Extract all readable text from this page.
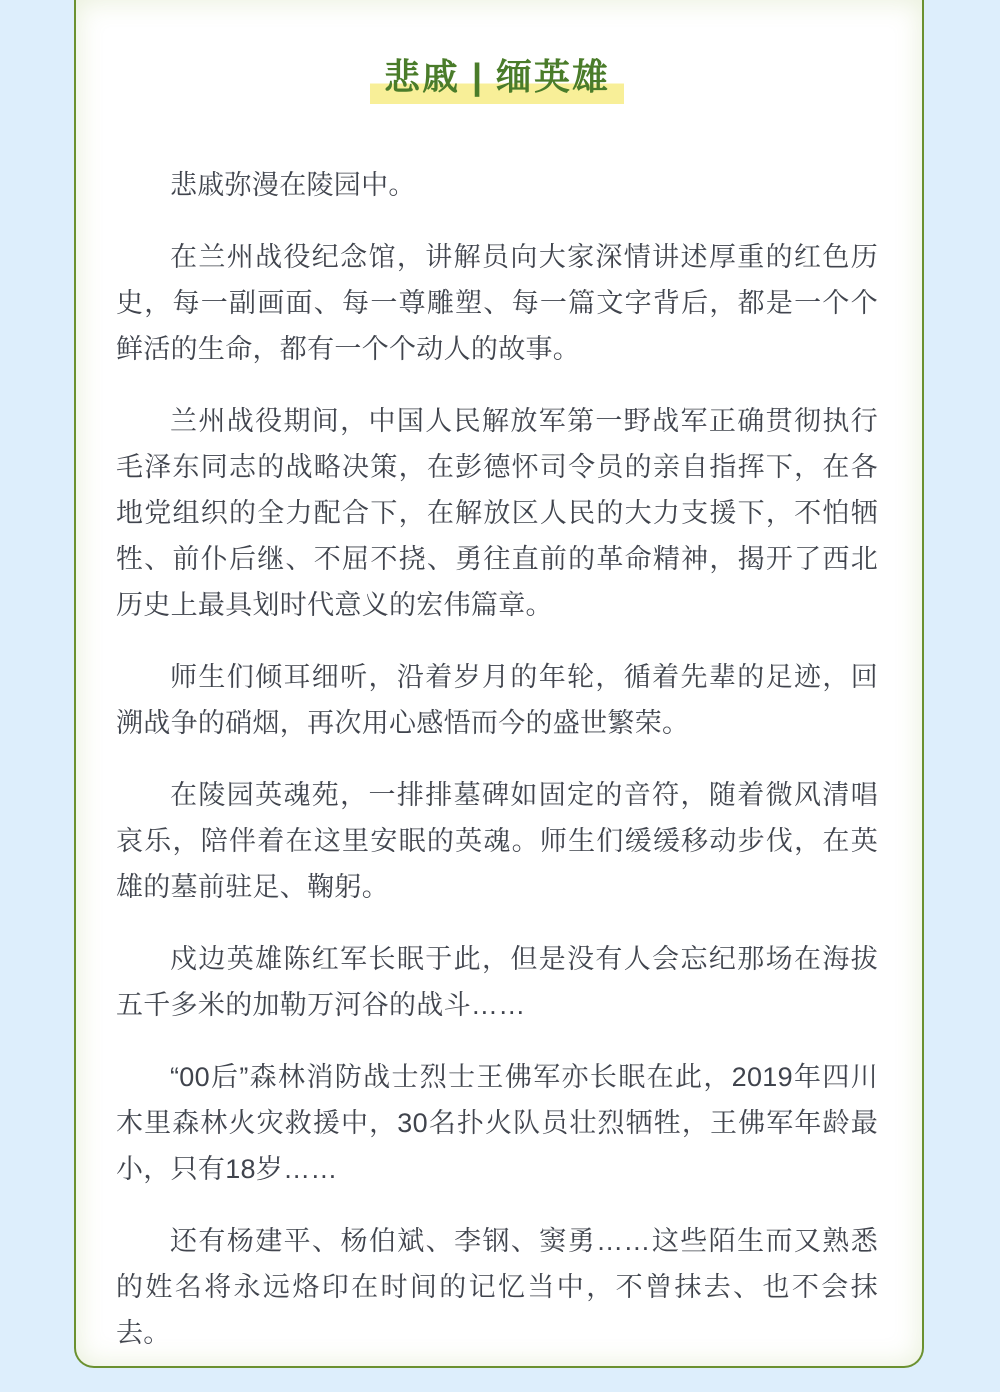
悲戚 | 缅英雄

悲戚弥漫在陵园中。

在兰州战役纪念馆，讲解员向大家深情讲述厚重的红色历史，每一副画面、每一尊雕塑、每一篇文字背后，都是一个个鲜活的生命，都有一个个动人的故事。

兰州战役期间，中国人民解放军第一野战军正确贯彻执行毛泽东同志的战略决策，在彭德怀司令员的亲自指挥下，在各地党组织的全力配合下，在解放区人民的大力支援下，不怕牺牲、前仆后继、不屈不挠、勇往直前的革命精神，揭开了西北历史上最具划时代意义的宏伟篇章。

师生们倾耳细听，沿着岁月的年轮，循着先辈的足迹，回溯战争的硝烟，再次用心感悟而今的盛世繁荣。

在陵园英魂苑，一排排墓碑如固定的音符，随着微风清唱哀乐，陪伴着在这里安眠的英魂。师生们缓缓移动步伐，在英雄的墓前驻足、鞠躬。

戍边英雄陈红军长眠于此，但是没有人会忘纪那场在海拔五千多米的加勒万河谷的战斗……

“00后”森林消防战士烈士王佛军亦长眠在此，2019年四川木里森林火灾救援中，30名扑火队员壮烈牺牲，王佛军年龄最小，只有18岁……

还有杨建平、杨伯斌、李钢、窦勇……这些陌生而又熟悉的姓名将永远烙印在时间的记忆当中，不曾抹去、也不会抹去。
